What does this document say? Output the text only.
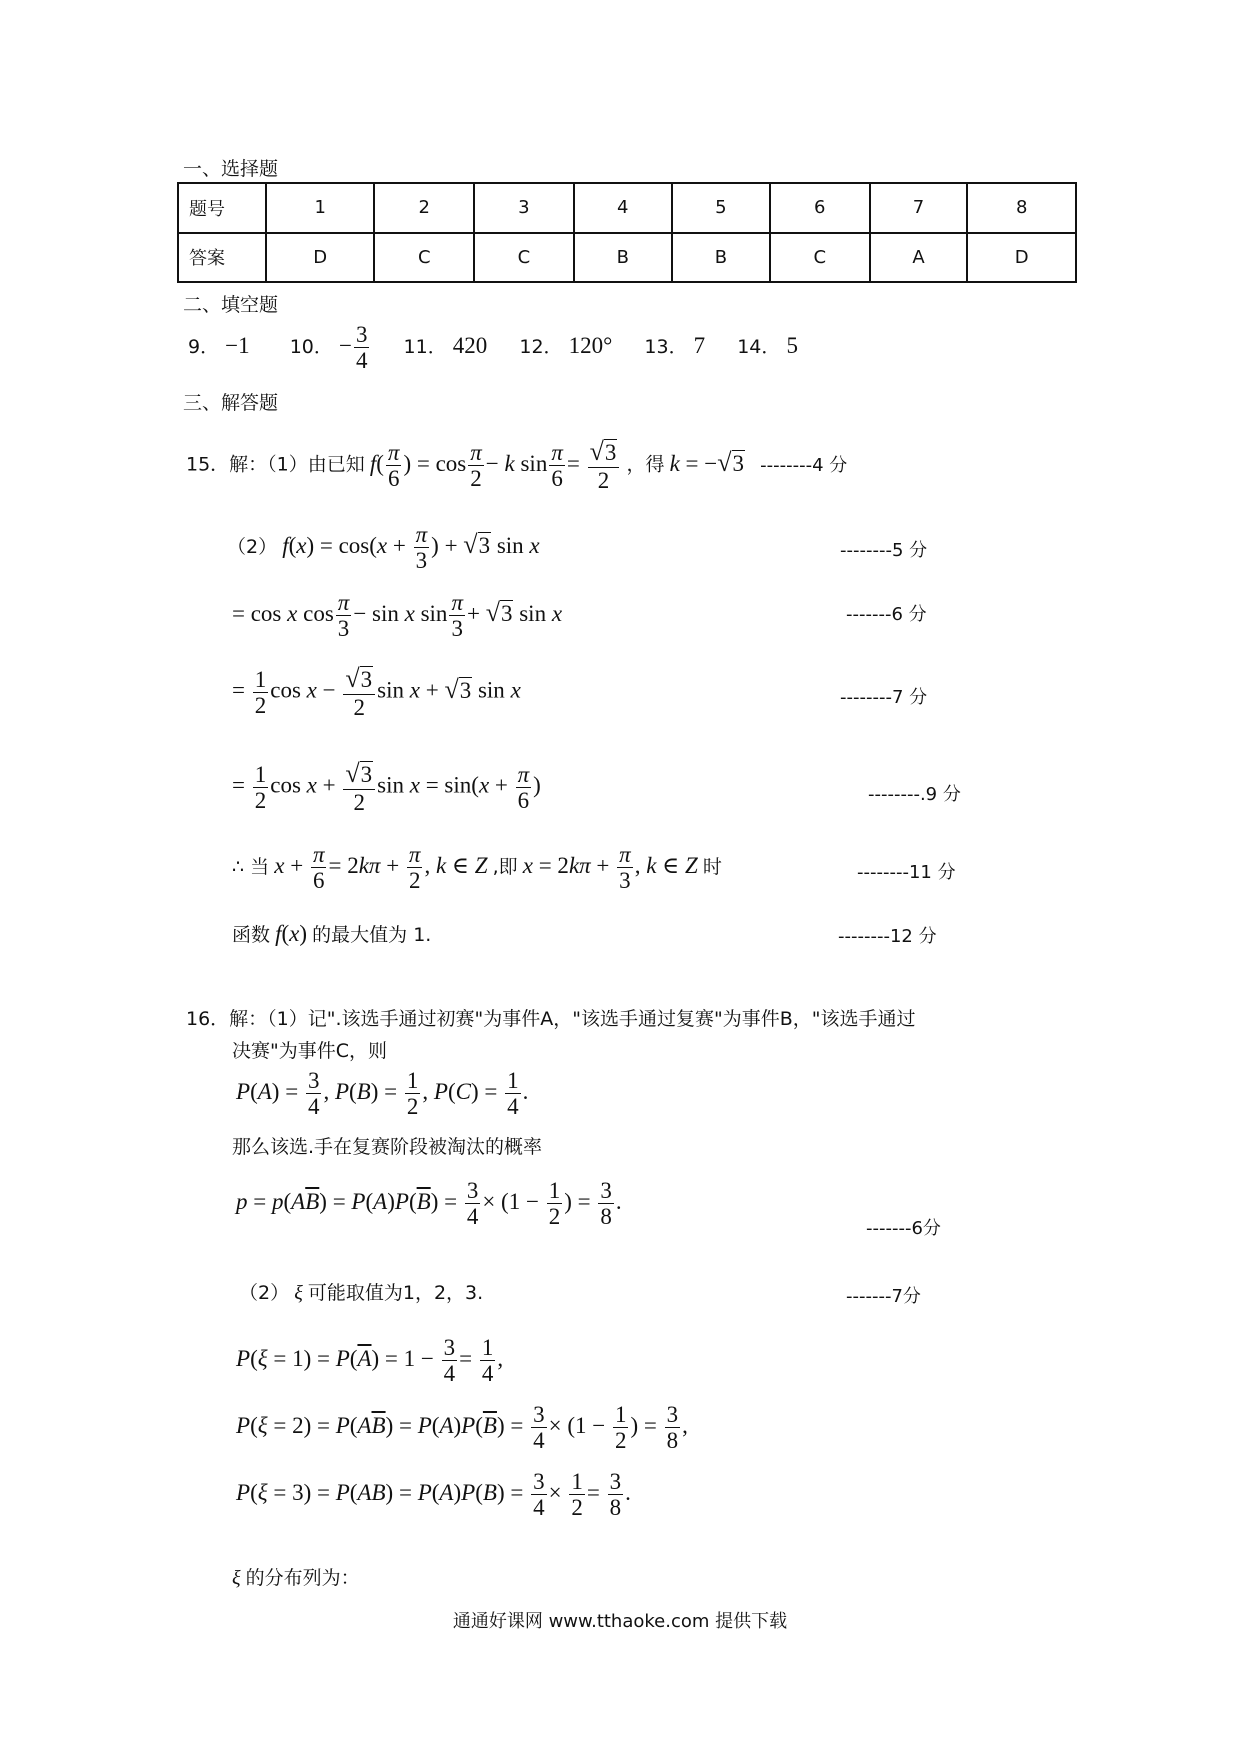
一、选择题
题号	1	2	3	4	5	6	7	8
答案	D	C	C	B	B	C	A	D
二、填空题
9． −1 10． − $\frac{3}{4} 11$． 420 12． 120° 13． 7 14． 5
三、解答题
15．解：（1）由已知 $f( \frac{\pi}{6}$ ) = $\cos \frac{\pi}{2} - k$ $\sin \frac{\pi}{6} = \frac{√3}{2}$ ，得 k = −√3 --------4 分
（2） $f(x) = \cos(x + \frac{\pi}{3}$ ) + √3 sin x	--------5 分
= cos x $\cos \frac{\pi}{3} - \sin x$ $\sin \frac{\pi}{3} + √3$ sin x	-------6 分
= $\frac{1}{2}$ $\cos x - \frac{√3}{2}$ sin x + √3 sin x	--------7 分
= $\frac{1}{2}$ $\cos x + \frac{√3}{2}$ $\sin x = \sin(x + \frac{\pi}{6}$ )	--------.9 分
∴ 当 $x + \frac{\pi}{6} = 2k\pi + \frac{\pi}{2}$ , k ∈ Z ,即 $x = 2k\pi + \frac{\pi}{3}$ , k ∈ Z 时	--------11 分
函数 f(x) 的最大值为 1.	--------12 分
16．解：（1）记".该选手通过初赛"为事件A，"该选手通过复赛"为事件B，"该选手通过
决赛"为事件C，则
$P(A) = \frac{3}{4}$ , $P(B) = \frac{1}{2}$ , $P(C) = \frac{1}{4}$ .
那么该选.手在复赛阶段被淘汰的概率
$p = p(A\overline{B}) = P(A)P(\overline{B}) = \frac{3}{4} \times (1 - \frac{1}{2}$ ) = $\frac{3}{8}$ .
-------6分
（2） ξ 可能取值为1，2，3.	-------7分
$P(\xi = 1) = P(\overline{A}) = 1 - \frac{3}{4} = \frac{1}{4}$ ,
$P(\xi = 2) = P(A\overline{B}) = P(A)P(\overline{B}) = \frac{3}{4} \times (1 - \frac{1}{2}$ ) = $\frac{3}{8}$ ,
$P(\xi = 3) = P(AB) = P(A)P(B) = \frac{3}{4} \times \frac{1}{2} = \frac{3}{8}$ .
ξ 的分布列为：
通通好课网 www.tthaoke.com 提供下载
